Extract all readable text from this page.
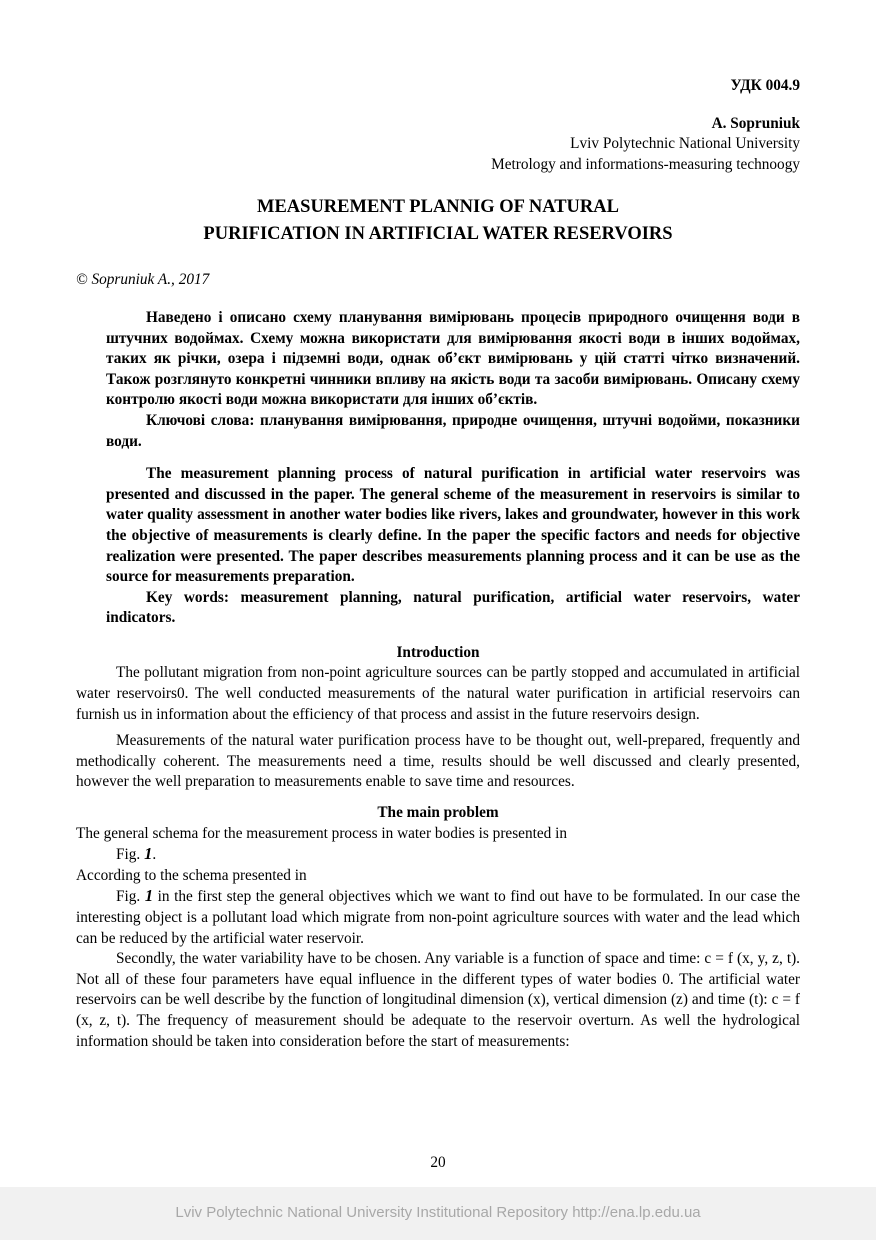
УДК 004.9

A. Sopruniuk

Lviv Polytechnic National University

Metrology and informations-measuring technoogy

MEASUREMENT PLANNIG OF NATURAL

PURIFICATION IN ARTIFICIAL WATER RESERVOIRS

© Sopruniuk A., 2017

Наведено і описано схему планування вимірювань процесів природного очищення води в штучних водоймах. Схему можна використати для вимірювання якості води в інших водоймах, таких як річки, озера і підземні води, однак об’єкт вимірювань у цій статті чітко визначений. Також розглянуто конкретні чинники впливу на якість води та засоби вимірювань. Описану схему контролю якості води можна використати для інших об’єктів.

Ключові слова: планування вимірювання, природне очищення, штучні водойми, показники води.

The measurement planning process of natural purification in artificial water reservoirs was presented and discussed in the paper. The general scheme of the measurement in reservoirs is similar to water quality assessment in another water bodies like rivers, lakes and groundwater, however in this work the objective of measurements is clearly define. In the paper the specific factors and needs for objective realization were presented. The paper describes measurements planning process and it can be use as the source for measurements preparation.

Key words: measurement planning, natural purification, artificial water reservoirs, water indicators.

Introduction

The pollutant migration from non-point agriculture sources can be partly stopped and accumulated in artificial water reservoirs0. The well conducted measurements of the natural water purification in artificial reservoirs can furnish us in information about the efficiency of that process and assist in the future reservoirs design.

Measurements of the natural water purification process have to be thought out, well-prepared, frequently and methodically coherent. The measurements need a time, results should be well discussed and clearly presented, however the well preparation to measurements enable to save time and resources.

The main problem

The general schema for the measurement process in water bodies is presented in

Fig. 1.

According to the schema presented in

Fig. 1 in the first step the general objectives which we want to find out have to be formulated. In our case the interesting object is a pollutant load which migrate from non-point agriculture sources with water and the lead which can be reduced by the artificial water reservoir.

Secondly, the water variability have to be chosen. Any variable is a function of space and time: c = f (x, y, z, t). Not all of these four parameters have equal influence in the different types of water bodies 0. The artificial water reservoirs can be well describe by the function of longitudinal dimension (x), vertical dimension (z) and time (t): c = f (x, z, t). The frequency of measurement should be adequate to the reservoir overturn. As well the hydrological information should be taken into consideration before the start of measurements:

20

Lviv Polytechnic National University Institutional Repository http://ena.lp.edu.ua
